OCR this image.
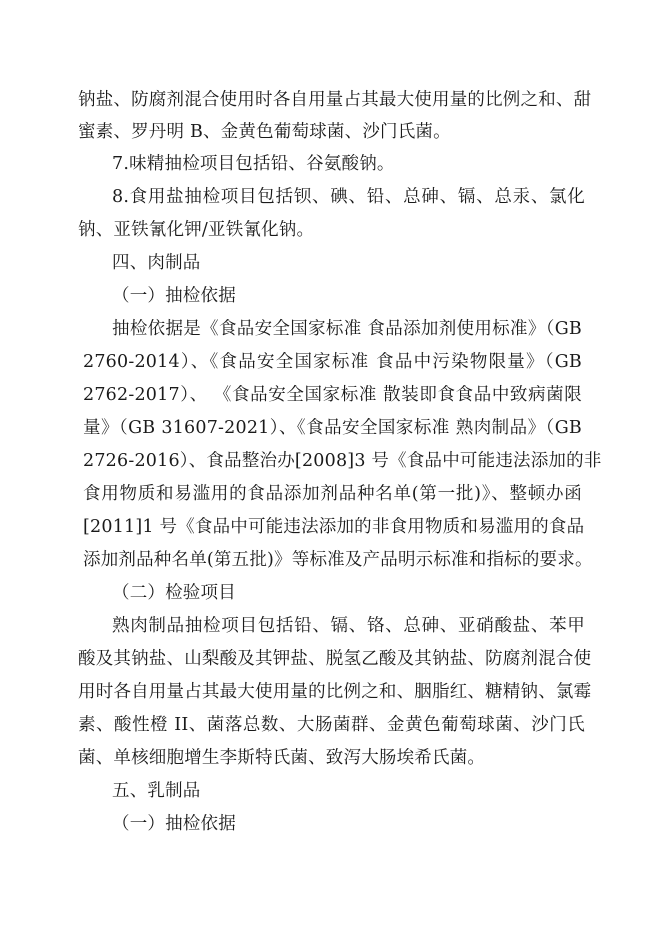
钠盐、防腐剂混合使用时各自用量占其最大使用量的比例之和、甜
蜜素、罗丹明 B、金黄色葡萄球菌、沙门氏菌。
7.味精抽检项目包括铅、谷氨酸钠。
8.食用盐抽检项目包括钡、碘、铅、总砷、镉、总汞、氯化
钠、亚铁氰化钾/亚铁氰化钠。
四、肉制品
（一）抽检依据
抽检依据是《食品安全国家标准 食品添加剂使用标准》（GB
2760-2014）、《食品安全国家标准 食品中污染物限量》（GB
2762-2017）、 《食品安全国家标准 散装即食食品中致病菌限
量》（GB 31607-2021）、《食品安全国家标准 熟肉制品》（GB
2726-2016）、食品整治办[2008]3 号《食品中可能违法添加的非
食用物质和易滥用的食品添加剂品种名单(第一批)》、整顿办函
[2011]1 号《食品中可能违法添加的非食用物质和易滥用的食品
添加剂品种名单(第五批)》等标准及产品明示标准和指标的要求。
（二）检验项目
熟肉制品抽检项目包括铅、镉、铬、总砷、亚硝酸盐、苯甲
酸及其钠盐、山梨酸及其钾盐、脱氢乙酸及其钠盐、防腐剂混合使
用时各自用量占其最大使用量的比例之和、胭脂红、糖精钠、氯霉
素、酸性橙 II、菌落总数、大肠菌群、金黄色葡萄球菌、沙门氏
菌、单核细胞增生李斯特氏菌、致泻大肠埃希氏菌。
五、乳制品
（一）抽检依据
